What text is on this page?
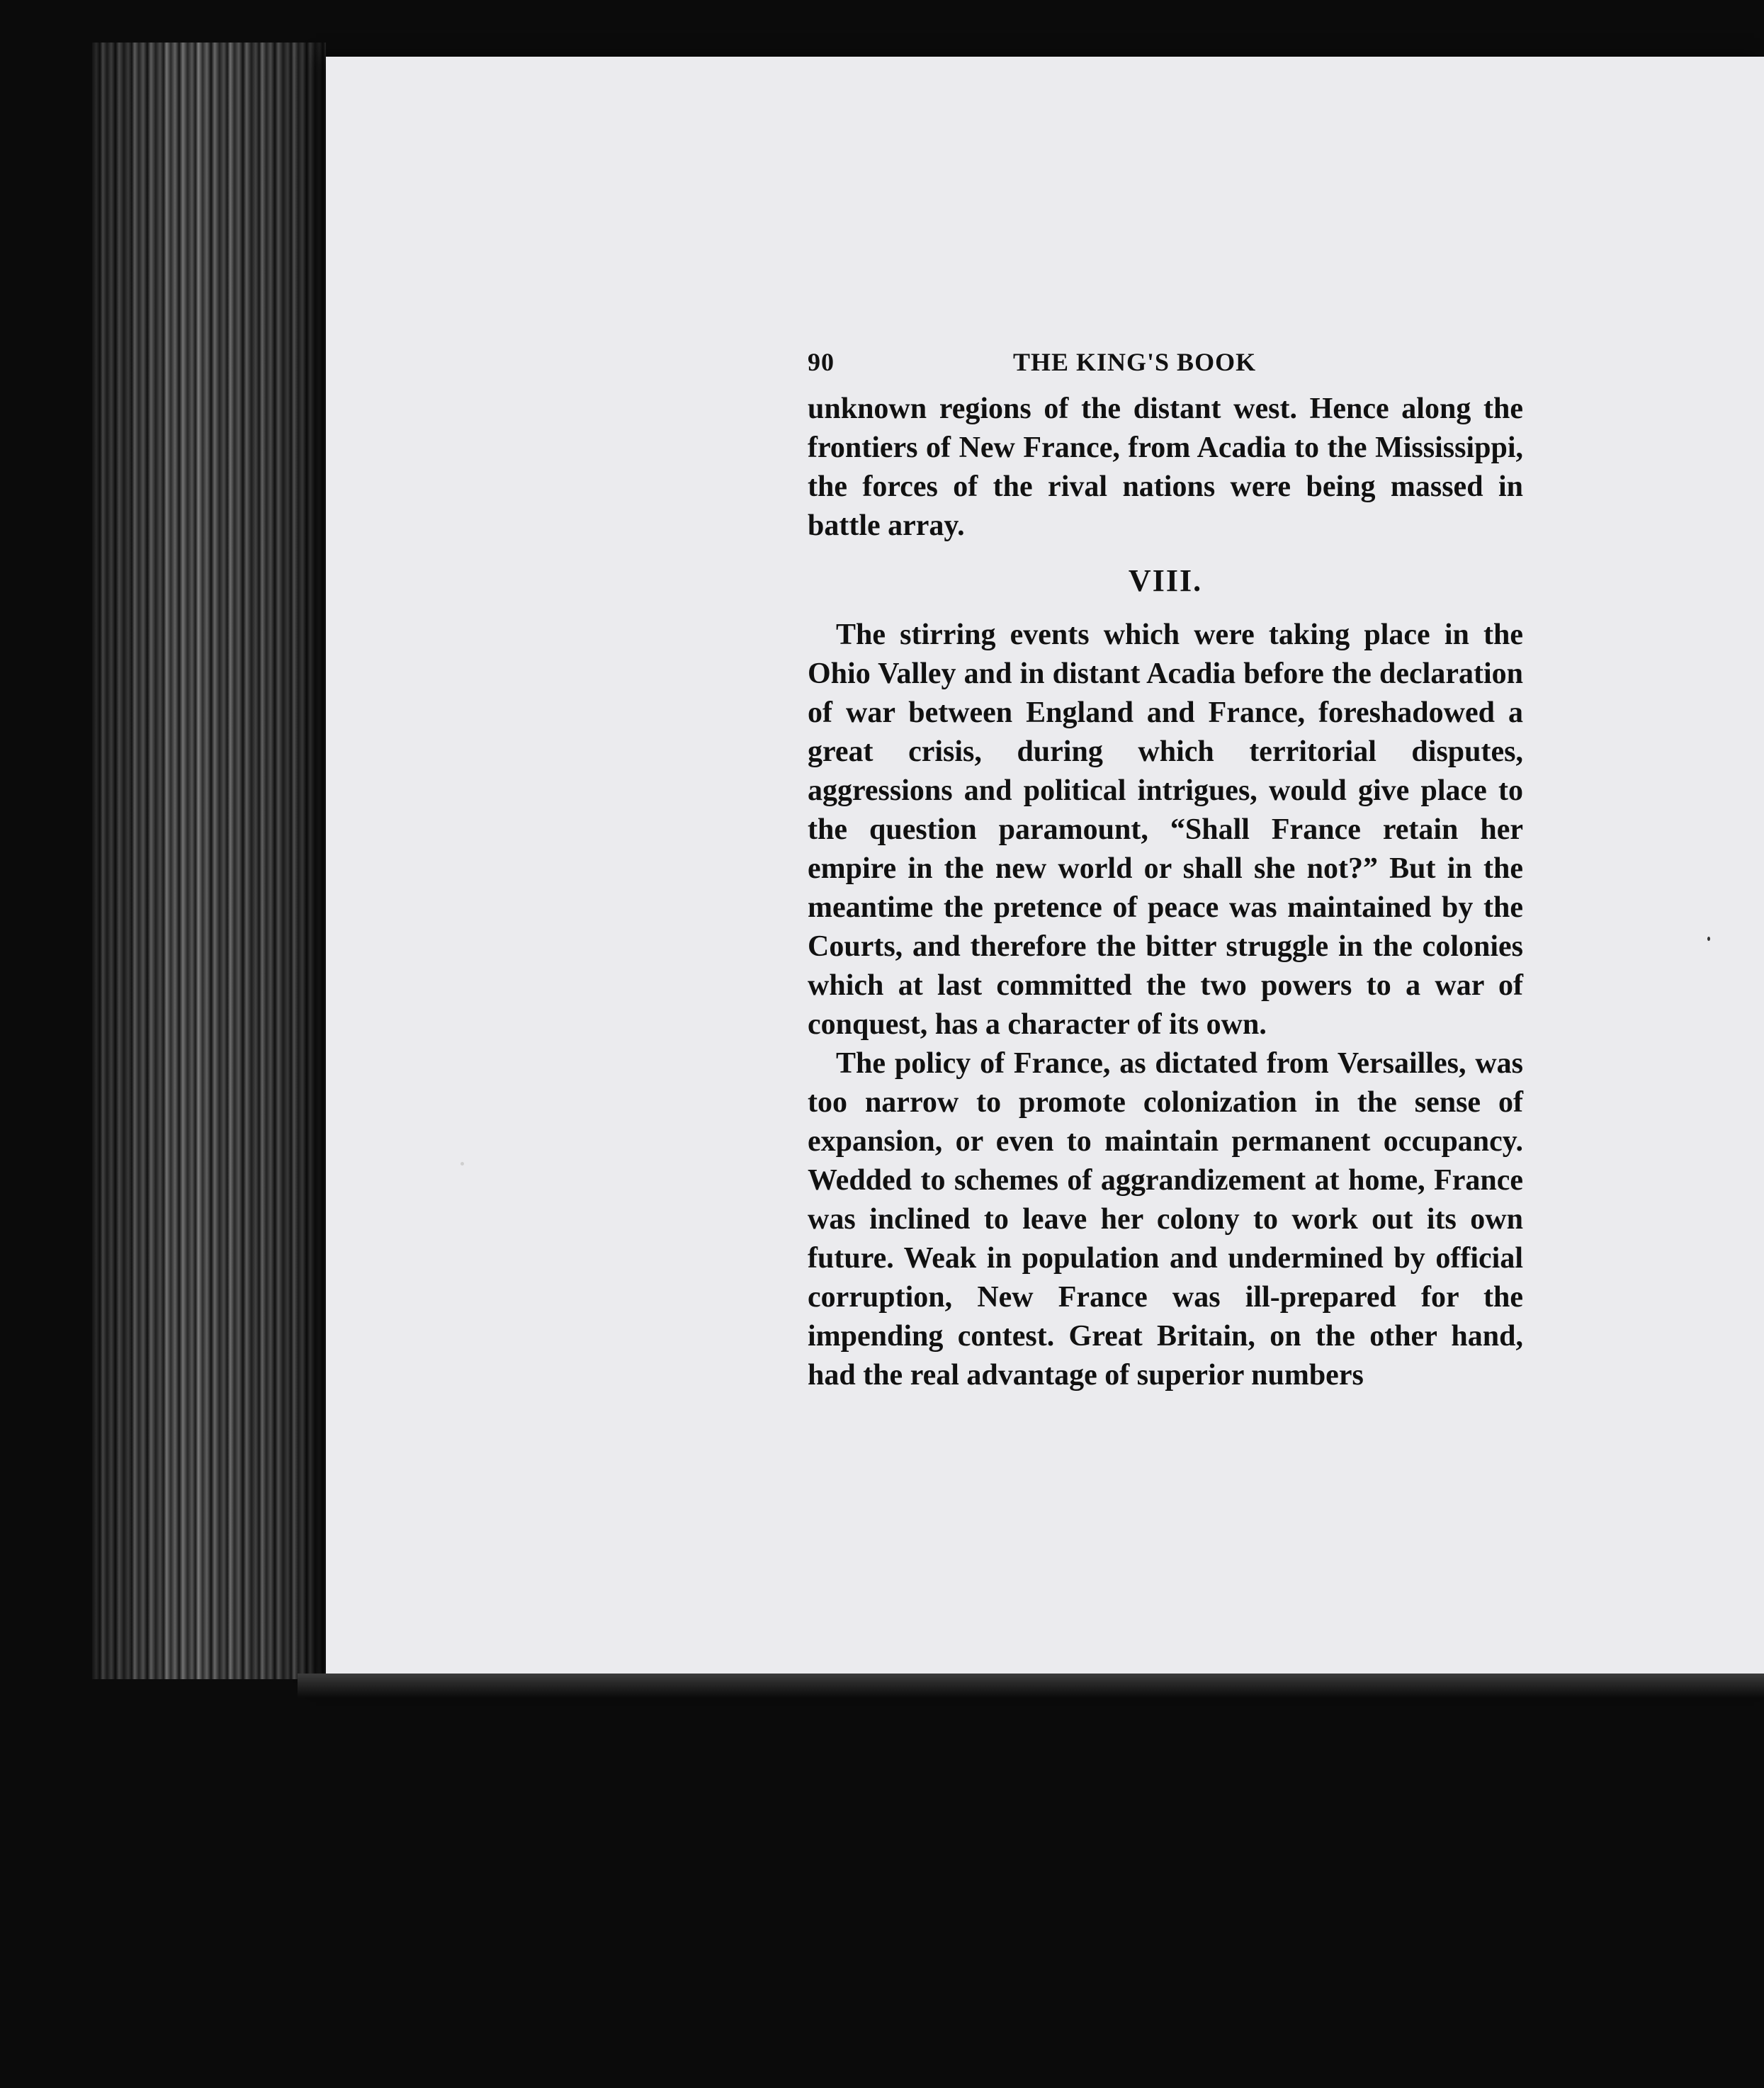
90	THE KING'S BOOK

unknown regions of the distant west. Hence along the frontiers of New France, from Acadia to the Mississippi, the forces of the rival nations were being massed in battle array.

VIII.

The stirring events which were taking place in the Ohio Valley and in distant Acadia before the declaration of war between England and France, foreshadowed a great crisis, during which territorial disputes, aggressions and political intrigues, would give place to the question paramount, “Shall France retain her empire in the new world or shall she not?” But in the meantime the pretence of peace was maintained by the Courts, and therefore the bitter struggle in the colonies which at last committed the two powers to a war of conquest, has a character of its own.

The policy of France, as dictated from Versailles, was too narrow to promote colonization in the sense of expansion, or even to maintain permanent occupancy. Wedded to schemes of aggrandizement at home, France was inclined to leave her colony to work out its own future. Weak in population and undermined by official corruption, New France was ill-prepared for the impending contest. Great Britain, on the other hand, had the real advantage of superior numbers
